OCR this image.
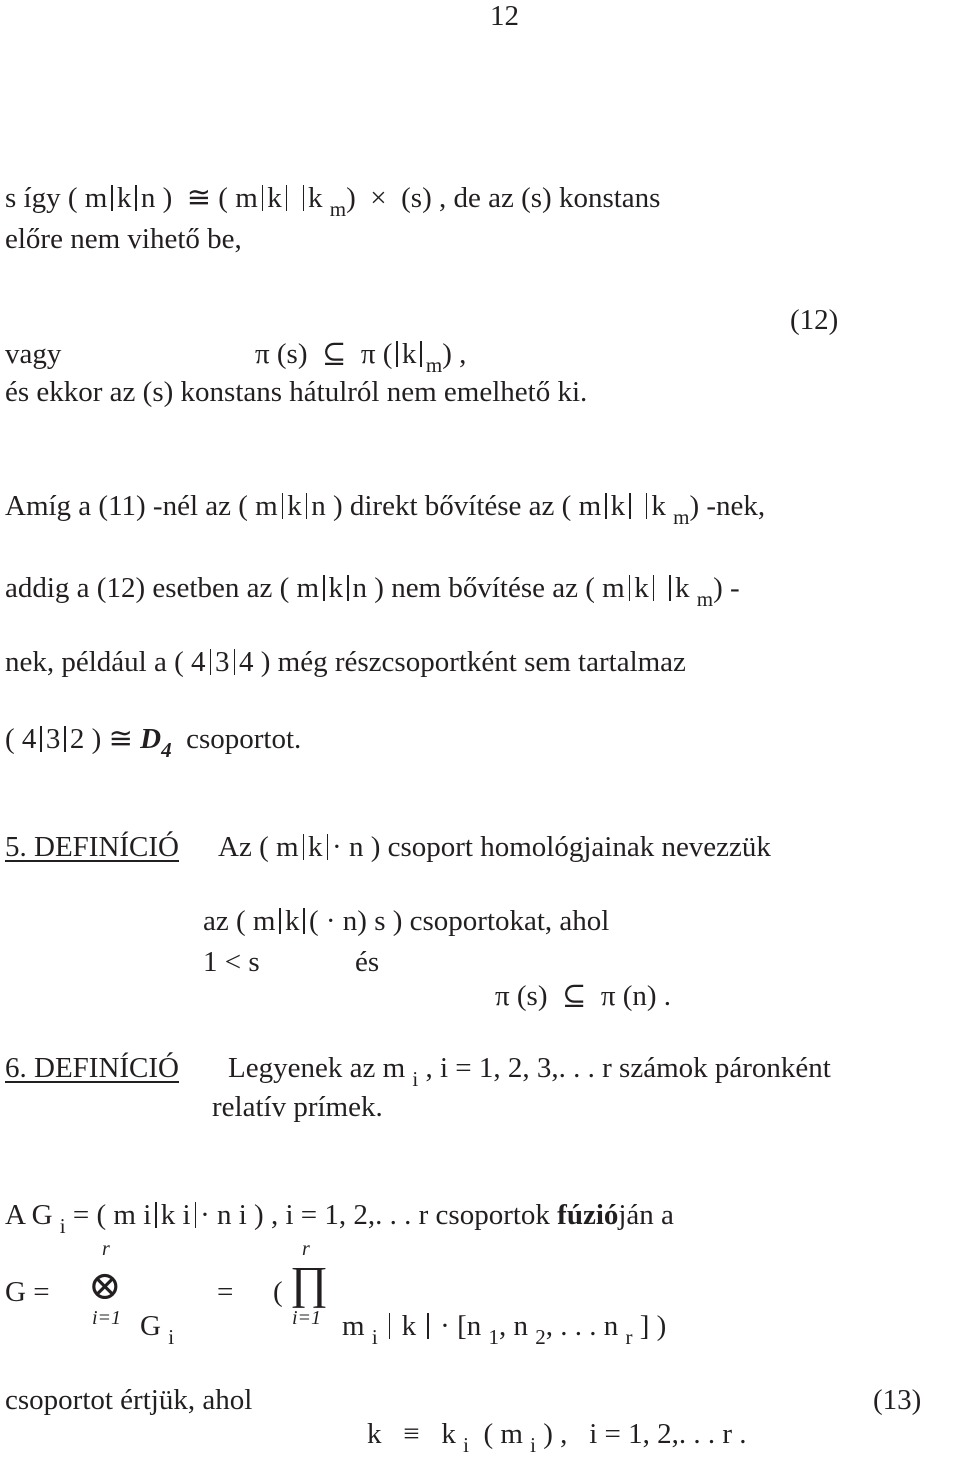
12

s így ( m k n ) ≅ ( m k k $_m$) × (s) , de az (s) konstans

előre nem vihető be,

vagy	π (s) ⊆ π ( k $_m$) ,

(12)
és ekkor az (s) konstans hátulról nem emelhető ki.

Amíg a (11) -nél az ( m k n ) direkt bővítése az ( m k k $_m$) -nek,

addig a (12) esetben az ( m k n ) nem bővítése az ( m k k $_m$) -

nek, például a ( 4 3 4 ) még részcsoportként sem tartalmaz

( 4 3 2 ) ≅ $D_4$ csoportot.

5. DEFINÍCIÓ Az ( m k · n ) csoport homológjainak nevezzük

az ( m k ( · n) s ) csoportokat, ahol

1 < s	és

π (s) ⊆ π (n) .

6. DEFINÍCIÓ Legyenek az m $_i$ , i = 1, 2, 3,. . . r számok páronként

relatív prímek.

A G $_i$ = ( m i k i · n i ) , i = 1, 2,. . . r csoportok fúzióján a

r
G = ⊗
i=1 G $_i$

= (
r
∏
i=1 m $_i$ k · [n $_1$, n $_2$, . . . n $_r$ ] )

csoportot értjük, ahol

k ≡ k $_i$ ( m $_i$ ) , i = 1, 2,. . . r .

(13)
